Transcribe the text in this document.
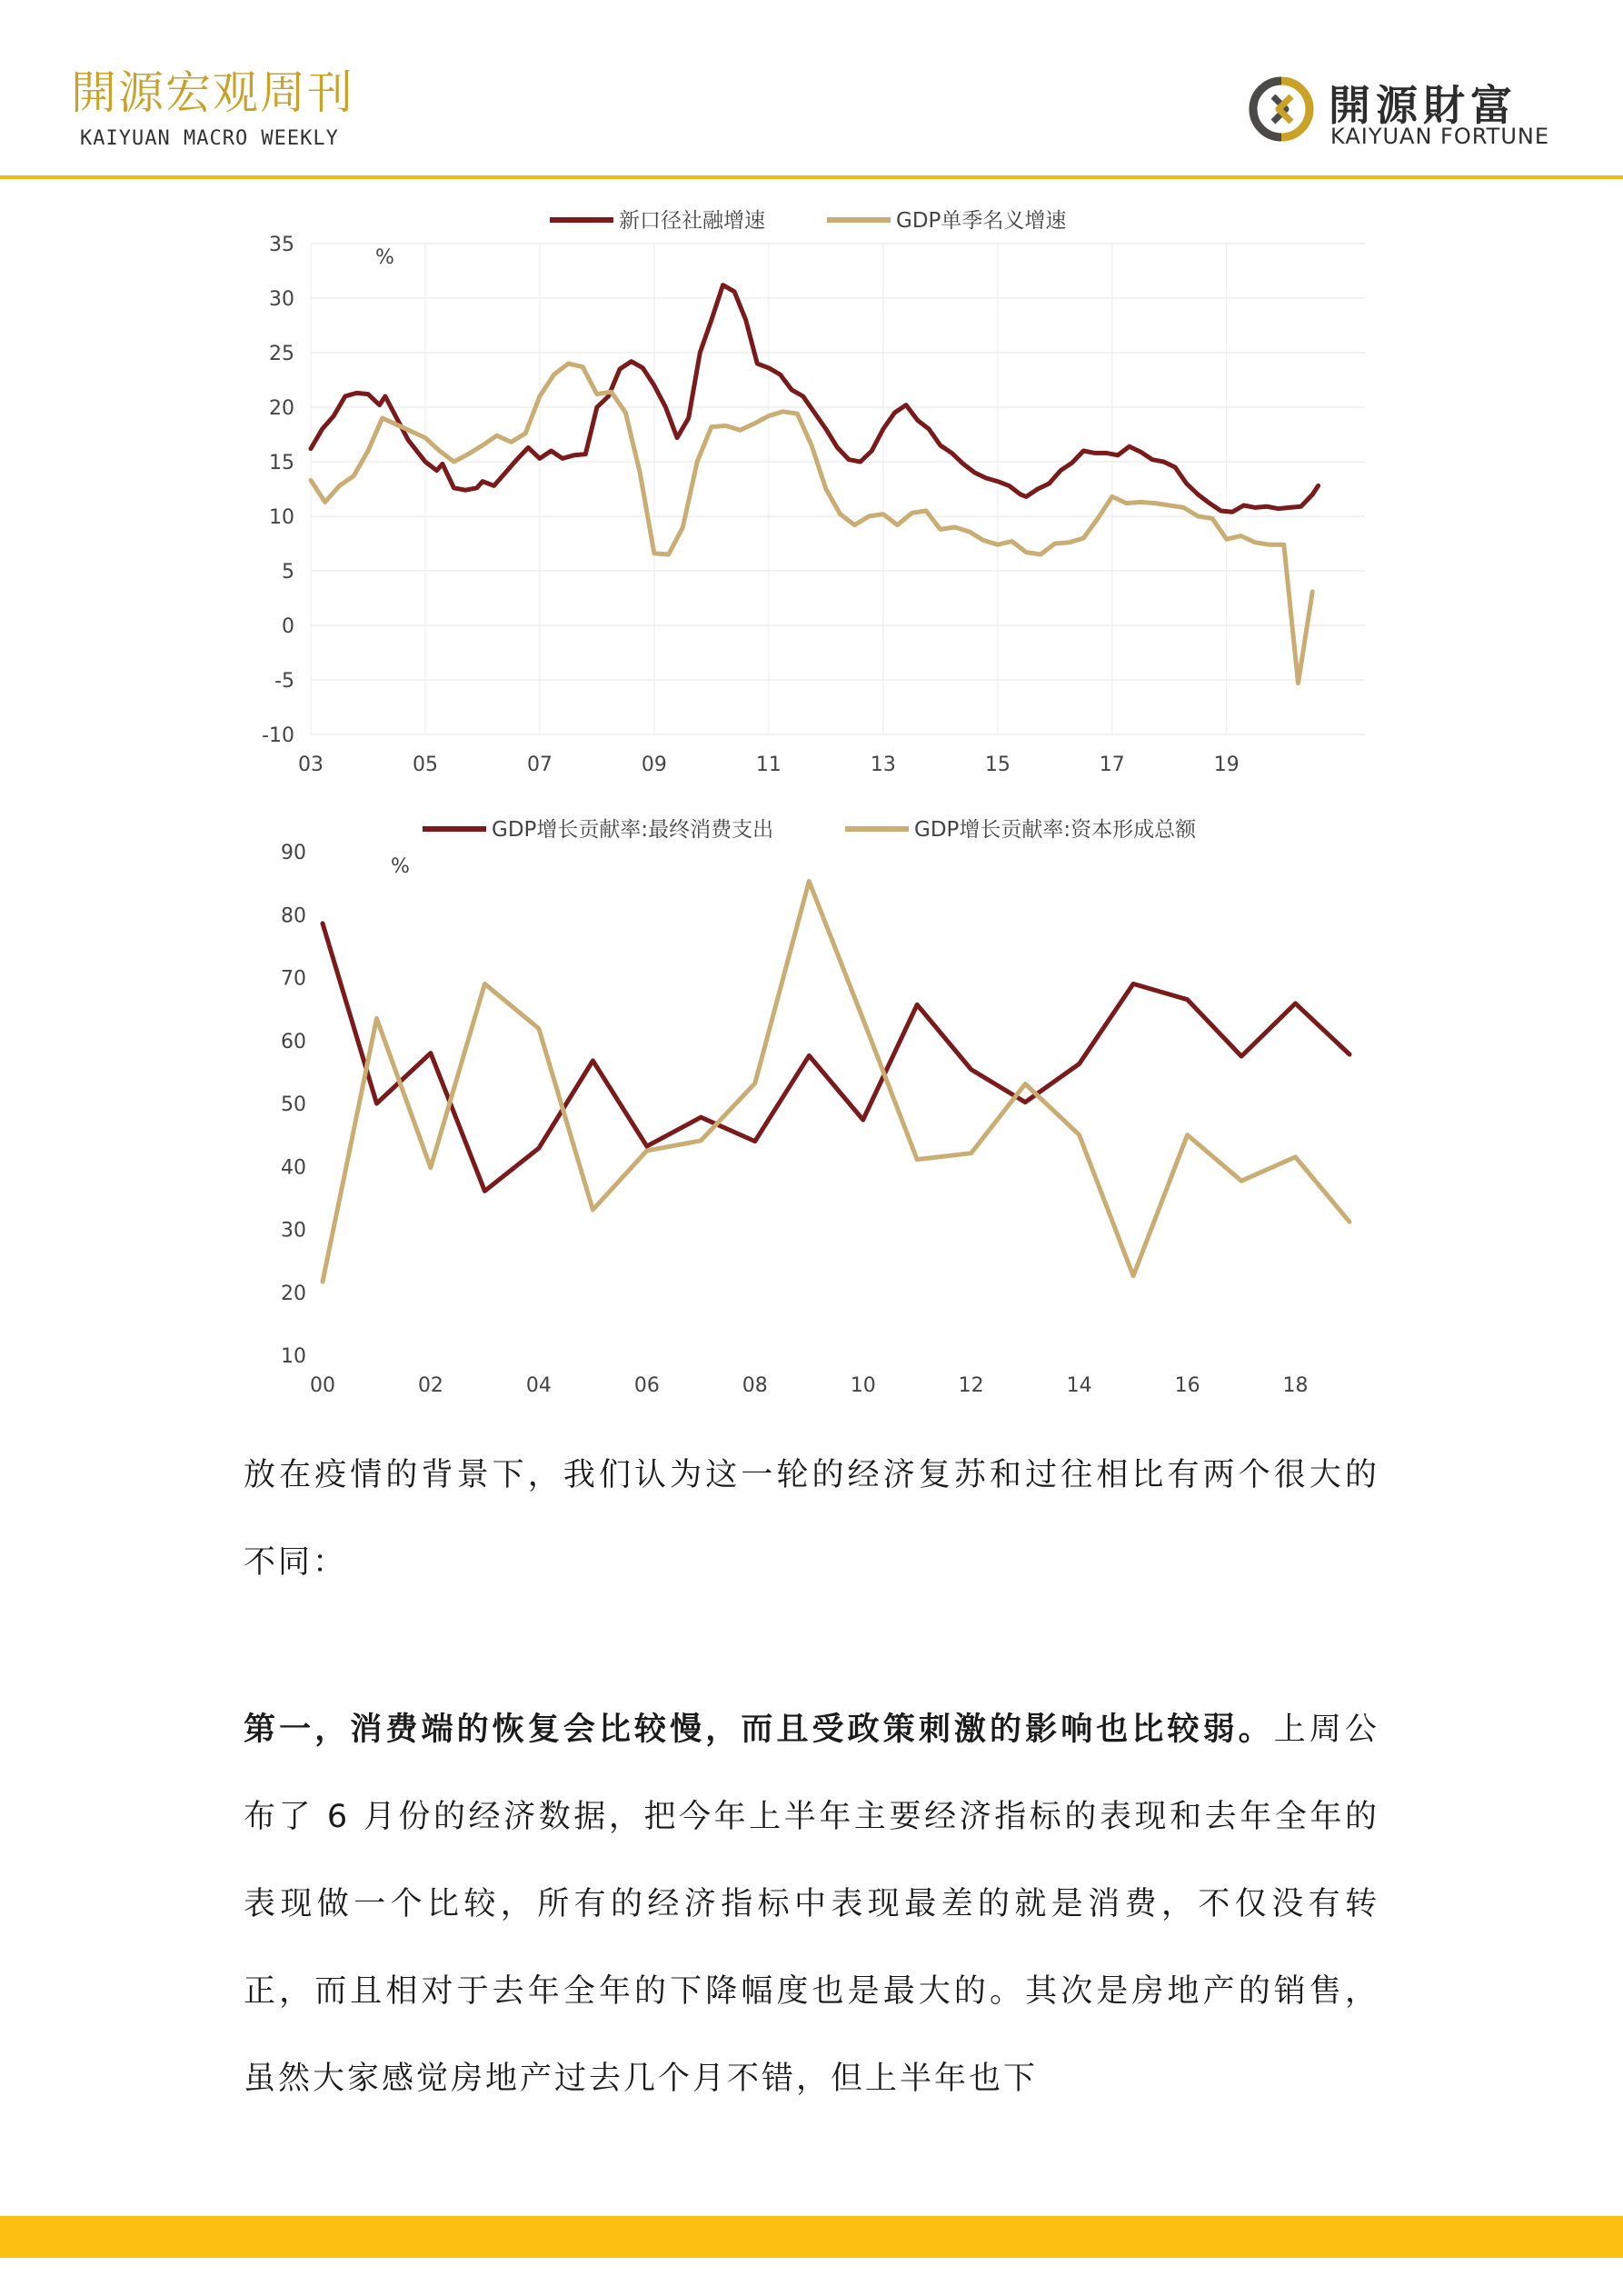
開源宏观周刊
KAIYUAN MACRO WEEKLY
開源財富
KAIYUAN FORTUNE
新口径社融增速	GDP单季名义增速
35
30
25
20
15
10
5
0
-5
-10
%
03	05	07	09	11	13	15	17	19
GDP增长贡献率:最终消费支出	GDP增长贡献率:资本形成总额
90
80
70
60
50
40
30
20
10
%
00	02	04	06	08	10	12	14	16	18

放在疫情的背景下，我们认为这一轮的经济复苏和过往相比有两个很大的不同：

第一，消费端的恢复会比较慢，而且受政策刺激的影响也比较弱。上周公布了 6 月份的经济数据，把今年上半年主要经济指标的表现和去年全年的表现做一个比较，所有的经济指标中表现最差的就是消费，不仅没有转正，而且相对于去年全年的下降幅度也是最大的。其次是房地产的销售，虽然大家感觉房地产过去几个月不错，但上半年也下
